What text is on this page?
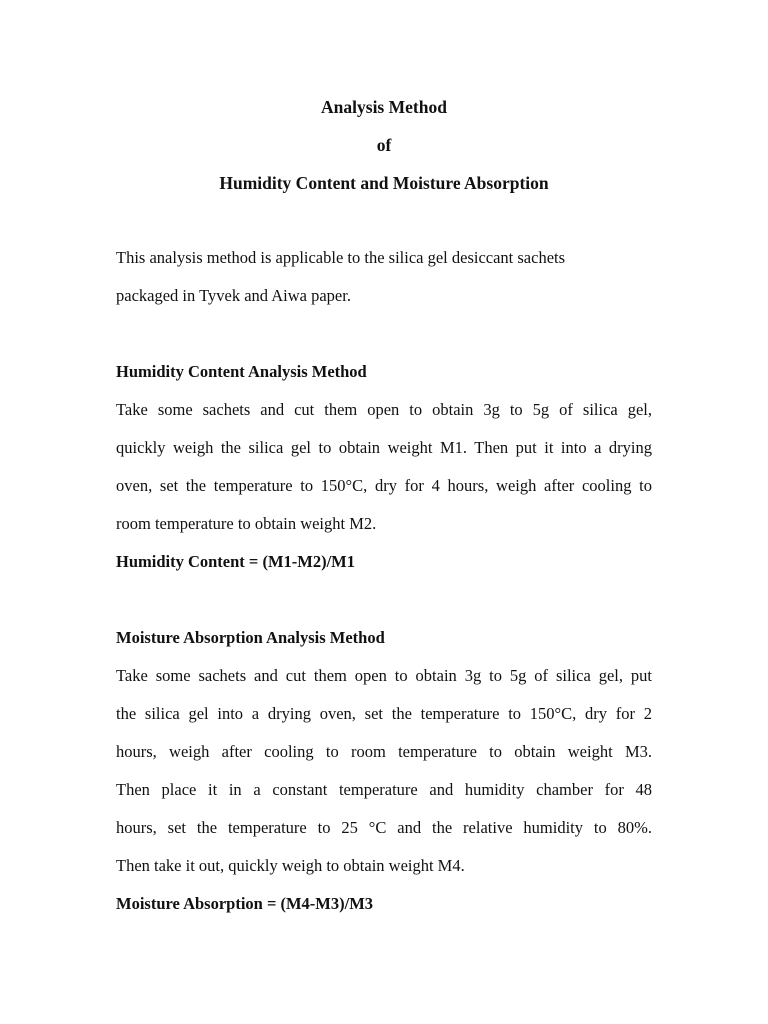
Analysis Method
of
Humidity Content and Moisture Absorption
This analysis method is applicable to the silica gel desiccant sachets
packaged in Tyvek and Aiwa paper.
Humidity Content Analysis Method
Take some sachets and cut them open to obtain 3g to 5g of silica gel,
quickly weigh the silica gel to obtain weight M1. Then put it into a drying
oven, set the temperature to 150°C, dry for 4 hours, weigh after cooling to
room temperature to obtain weight M2.
Humidity Content = (M1-M2)/M1
Moisture Absorption Analysis Method
Take some sachets and cut them open to obtain 3g to 5g of silica gel, put
the silica gel into a drying oven, set the temperature to 150°C, dry for 2
hours, weigh after cooling to room temperature to obtain weight M3.
Then place it in a constant temperature and humidity chamber for 48
hours, set the temperature to 25 °C and the relative humidity to 80%.
Then take it out, quickly weigh to obtain weight M4.
Moisture Absorption = (M4-M3)/M3
